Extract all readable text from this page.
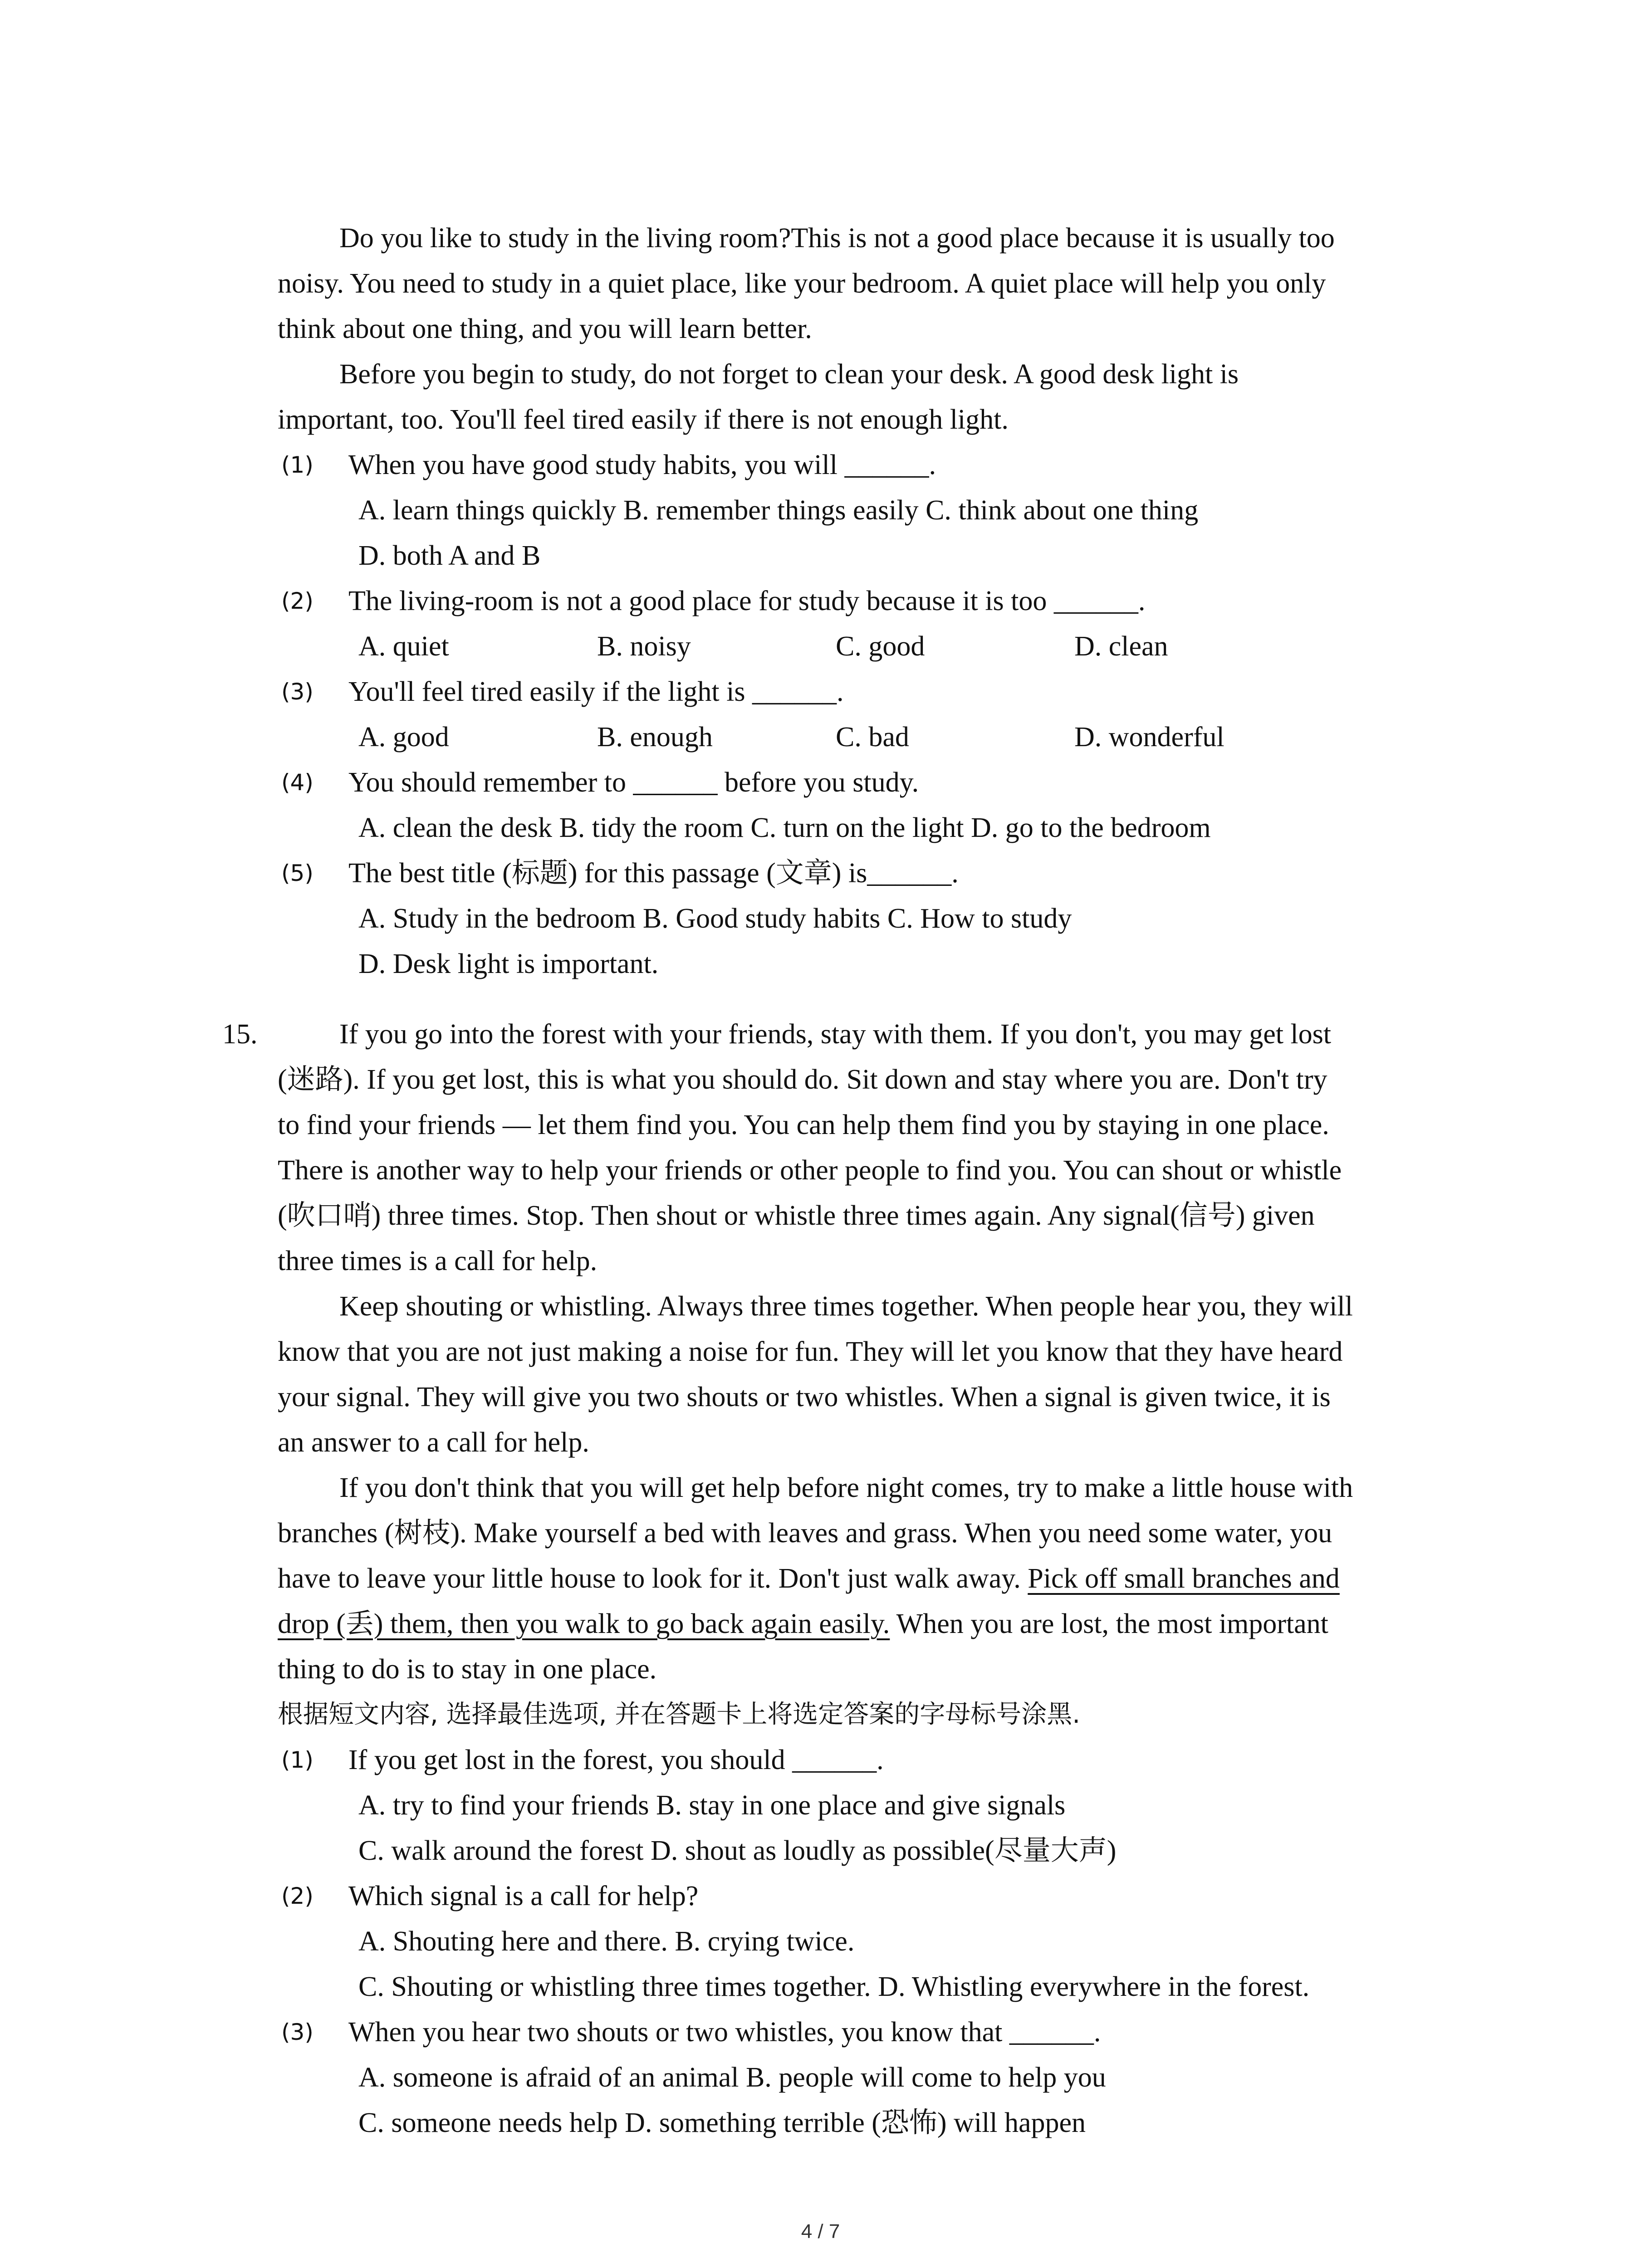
Do you like to study in the living room?This is not a good place because it is usually too
noisy. You need to study in a quiet place, like your bedroom. A quiet place will help you only
think about one thing, and you will learn better.
Before you begin to study, do not forget to clean your desk. A good desk light is
important, too. You'll feel tired easily if there is not enough light.
(1) When you have good study habits, you will ______.
A. learn things quickly B. remember things easily C. think about one thing
D. both A and B
(2) The living-room is not a good place for study because it is too ______.
A. quiet	B. noisy	C. good	D. clean
(3) You'll feel tired easily if the light is ______.
A. good	B. enough	C. bad	D. wonderful
(4) You should remember to ______ before you study.
A. clean the desk B. tidy the room C. turn on the light D. go to the bedroom
(5) The best title (标题) for this passage (文章) is______.
A. Study in the bedroom B. Good study habits C. How to study
D. Desk light is important.
15.	If you go into the forest with your friends, stay with them. If you don't, you may get lost
(迷路). If you get lost, this is what you should do. Sit down and stay where you are. Don't try
to find your friends — let them find you. You can help them find you by staying in one place.
There is another way to help your friends or other people to find you. You can shout or whistle
(吹口哨) three times. Stop. Then shout or whistle three times again. Any signal(信号) given
three times is a call for help.
Keep shouting or whistling. Always three times together. When people hear you, they will
know that you are not just making a noise for fun. They will let you know that they have heard
your signal. They will give you two shouts or two whistles. When a signal is given twice, it is
an answer to a call for help.
If you don't think that you will get help before night comes, try to make a little house with
branches (树枝). Make yourself a bed with leaves and grass. When you need some water, you
have to leave your little house to look for it. Don't just walk away. Pick off small branches and
drop (丢) them, then you walk to go back again easily. When you are lost, the most important
thing to do is to stay in one place.
根据短文内容, 选择最佳选项, 并在答题卡上将选定答案的字母标号涂黑.
(1) If you get lost in the forest, you should ______.
A. try to find your friends B. stay in one place and give signals
C. walk around the forest D. shout as loudly as possible(尽量大声)
(2) Which signal is a call for help?
A. Shouting here and there. B. crying twice.
C. Shouting or whistling three times together. D. Whistling everywhere in the forest.
(3) When you hear two shouts or two whistles, you know that ______.
A. someone is afraid of an animal B. people will come to help you
C. someone needs help D. something terrible (恐怖) will happen
4 / 7
